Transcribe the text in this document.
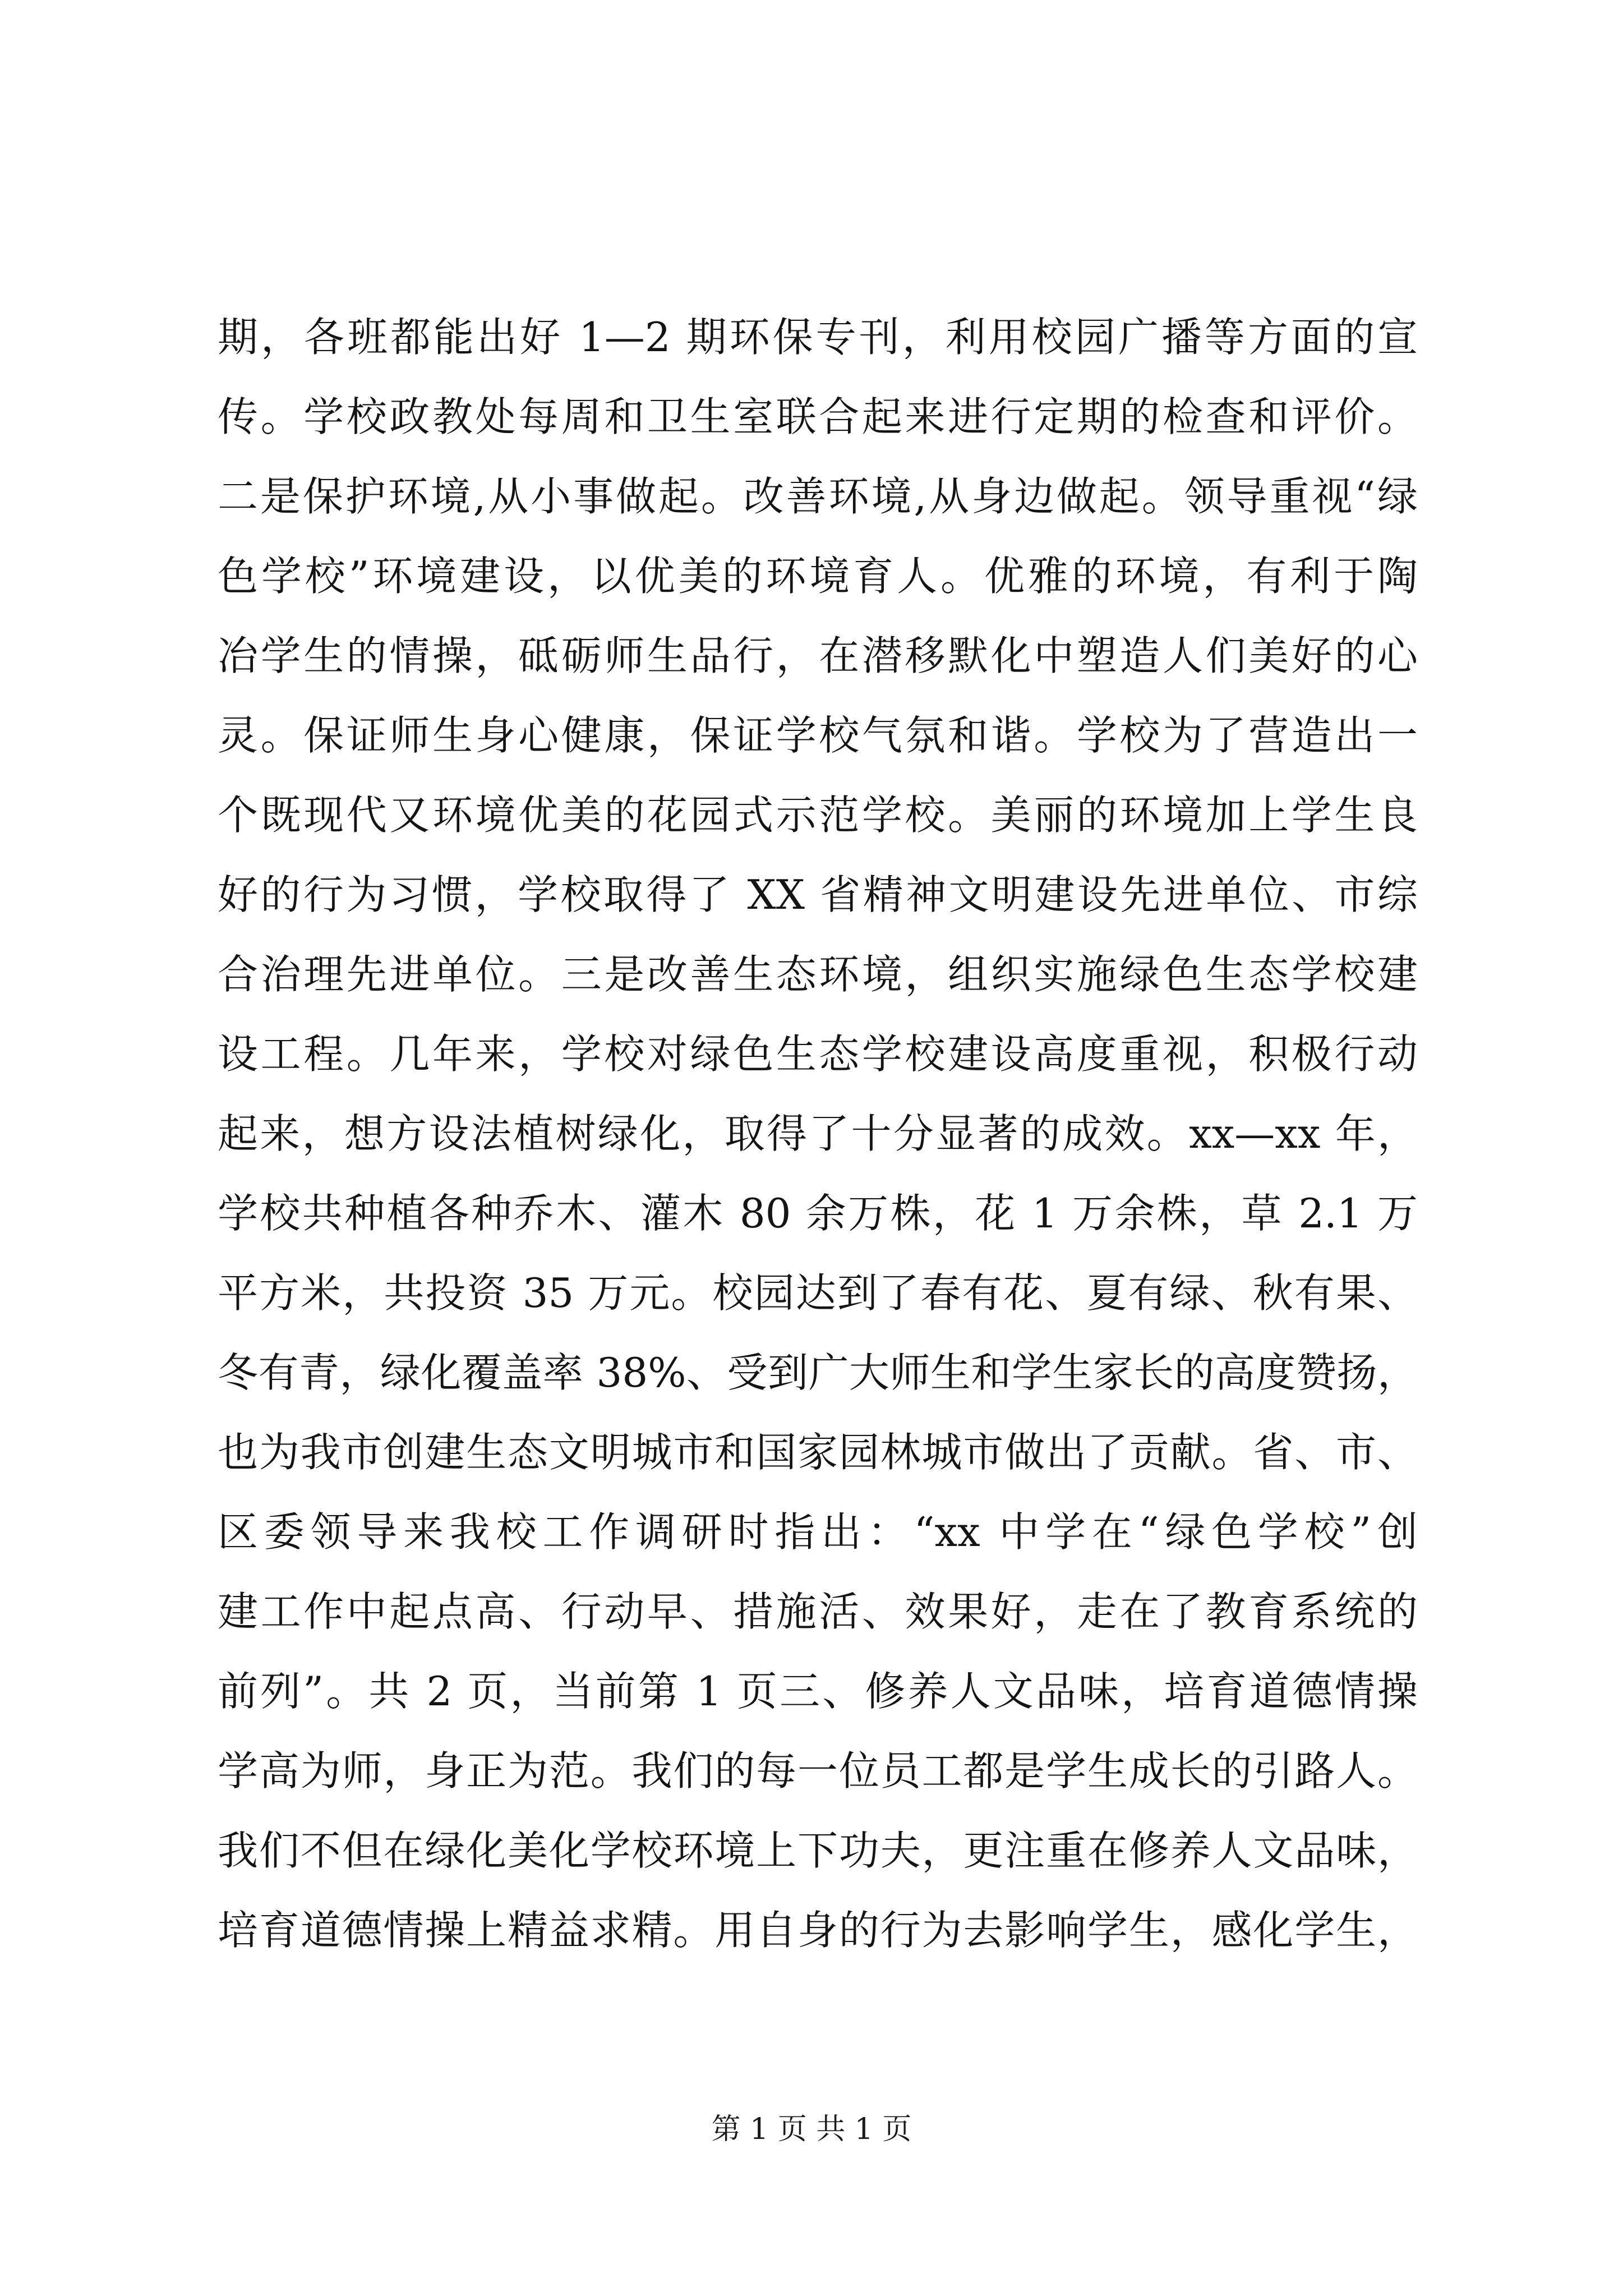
期，各班都能出好 1—2 期环保专刊，利用校园广播等方面的宣
传。学校政教处每周和卫生室联合起来进行定期的检查和评价。
二是保护环境,从小事做起。改善环境,从身边做起。领导重视“绿
色学校”环境建设，以优美的环境育人。优雅的环境，有利于陶
冶学生的情操，砥砺师生品行，在潜移默化中塑造人们美好的心
灵。保证师生身心健康，保证学校气氛和谐。学校为了营造出一
个既现代又环境优美的花园式示范学校。美丽的环境加上学生良
好的行为习惯，学校取得了 XX 省精神文明建设先进单位、市综
合治理先进单位。三是改善生态环境，组织实施绿色生态学校建
设工程。几年来，学校对绿色生态学校建设高度重视，积极行动
起来，想方设法植树绿化，取得了十分显著的成效。xx—xx 年，
学校共种植各种乔木、灌木 80 余万株，花 1 万余株，草 2.1 万
平方米，共投资 35 万元。校园达到了春有花、夏有绿、秋有果、
冬有青，绿化覆盖率 38%、受到广大师生和学生家长的高度赞扬，
也为我市创建生态文明城市和国家园林城市做出了贡献。省、市、
区委领导来我校工作调研时指出：“xx 中学在“绿色学校”创
建工作中起点高、行动早、措施活、效果好，走在了教育系统的
前列”。共 2 页，当前第 1 页三、修养人文品味，培育道德情操
学高为师，身正为范。我们的每一位员工都是学生成长的引路人。
我们不但在绿化美化学校环境上下功夫，更注重在修养人文品味，
培育道德情操上精益求精。用自身的行为去影响学生，感化学生，
第 1 页 共 1 页
